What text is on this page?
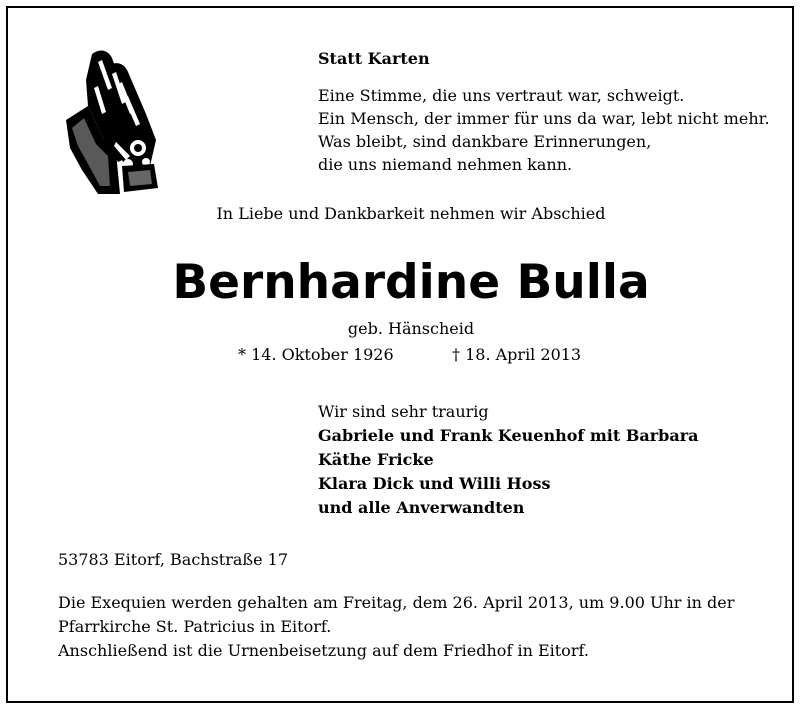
Statt Karten
Eine Stimme, die uns vertraut war, schweigt.
Ein Mensch, der immer für uns da war, lebt nicht mehr.
Was bleibt, sind dankbare Erinnerungen,
die uns niemand nehmen kann.
In Liebe und Dankbarkeit nehmen wir Abschied
Bernhardine Bulla
geb. Hänscheid
* 14. Oktober 1926	† 18. April 2013
Wir sind sehr traurig
Gabriele und Frank Keuenhof mit Barbara
Käthe Fricke
Klara Dick und Willi Hoss
und alle Anverwandten
53783 Eitorf, Bachstraße 17
Die Exequien werden gehalten am Freitag, dem 26. April 2013, um 9.00 Uhr in der
Pfarrkirche St. Patricius in Eitorf.
Anschließend ist die Urnenbeisetzung auf dem Friedhof in Eitorf.
